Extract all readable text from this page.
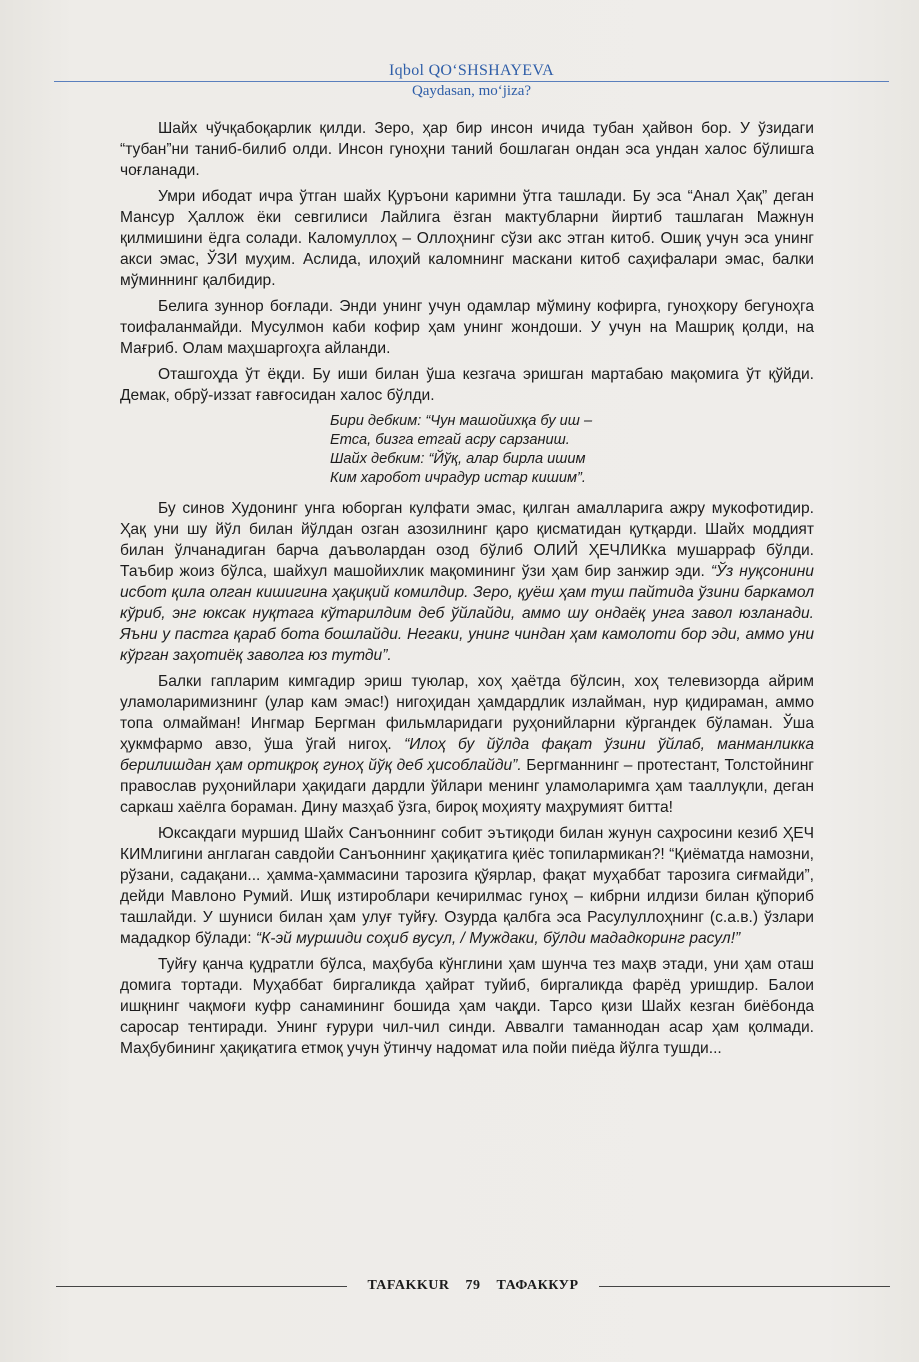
Iqbol QO‘SHSHAYEVA
Qaydasan, mo‘jiza?

Шайх чўчқабоқарлик қилди. Зеро, ҳар бир инсон ичида тубан ҳайвон бор. У ўзидаги “тубан”ни таниб-билиб олди. Инсон гуноҳни таний бошлаган ондан эса ундан халос бўлишга чоғланади.

Умри ибодат ичра ўтган шайх Қуръони каримни ўтга ташлади. Бу эса “Анал Ҳақ” деган Мансур Ҳаллож ёки севгилиси Лайлига ёзган мактубларни йиртиб ташлаган Мажнун қилмишини ёдга солади. Каломуллоҳ – Оллоҳнинг сўзи акс этган китоб. Ошиқ учун эса унинг акси эмас, ЎЗИ муҳим. Аслида, илоҳий каломнинг маскани китоб саҳифалари эмас, балки мўминнинг қалбидир.

Белига зуннор боғлади. Энди унинг учун одамлар мўмину кофирга, гуноҳкору бегуноҳга тоифаланмайди. Мусулмон каби кофир ҳам унинг жондоши. У учун на Машриқ қолди, на Мағриб. Олам маҳшаргоҳга айланди.

Оташгоҳда ўт ёқди. Бу иши билан ўша кезгача эришган мартабаю мақомига ўт қўйди. Демак, обрў-иззат ғавғосидан халос бўлди.

Бири дебким: “Чун машойихқа бу иш –
Етса, бизга етгай асру сарзаниш.
Шайх дебким: “Йўқ, алар бирла ишим
Ким харобот ичрадур истар кишим”.

Бу синов Худонинг унга юборган кулфати эмас, қилган амалларига ажру мукофотидир. Ҳақ уни шу йўл билан йўлдан озган азозилнинг қаро қисматидан қутқарди. Шайх моддият билан ўлчанадиган барча даъволардан озод бўлиб ОЛИЙ ҲЕЧЛИКка мушарраф бўлди. Таъбир жоиз бўлса, шайхул машойихлик мақомининг ўзи ҳам бир занжир эди. “Ўз нуқсонини исбот қила олган кишигина ҳақиқий комилдир. Зеро, қуёш ҳам туш пайтида ўзини баркамол кўриб, энг юксак нуқтага кўтарилдим деб ўйлайди, аммо шу ондаёқ унга завол юзланади. Яъни у пастга қараб бота бошлайди. Негаки, унинг чиндан ҳам камолоти бор эди, аммо уни кўрган заҳотиёқ заволга юз тутди”.

Балки гапларим кимгадир эриш туюлар, хоҳ ҳаётда бўлсин, хоҳ телевизорда айрим уламоларимизнинг (улар кам эмас!) нигоҳидан ҳамдардлик излайман, нур қидираман, аммо топа олмайман! Ингмар Бергман фильмларидаги руҳонийларни кўргандек бўламан. Ўша ҳукмфармо авзо, ўша ўгай нигоҳ. “Илоҳ бу йўлда фақат ўзини ўйлаб, манманликка берилишдан ҳам ортиқроқ гуноҳ йўқ деб ҳисоблайди”. Бергманнинг – протестант, Толстойнинг православ руҳонийлари ҳақидаги дардли ўйлари менинг уламоларимга ҳам тааллуқли, деган саркаш хаёлга бораман. Дину мазҳаб ўзга, бироқ моҳияту маҳрумият битта!

Юксакдаги муршид Шайх Санъоннинг собит эътиқоди билан жунун саҳросини кезиб ҲЕЧ КИМлигини англаган савдойи Санъоннинг ҳақиқатига қиёс топилармикан?! “Қиёматда намозни, рўзани, садақани... ҳамма-ҳаммасини тарозига қўярлар, фақат муҳаббат тарозига сиғмайди”, дейди Мавлоно Румий. Ишқ изтироблари кечирилмас гуноҳ – кибрни илдизи билан қўпориб ташлайди. У шуниси билан ҳам улуғ туйғу. Озурда қалбга эса Расулуллоҳнинг (с.а.в.) ўзлари мададкор бўлади: “К-эй муршиди соҳиб вусул, / Муждаки, бўлди мададкоринг расул!”

Туйғу қанча қудратли бўлса, маҳбуба кўнглини ҳам шунча тез маҳв этади, уни ҳам оташ домига тортади. Муҳаббат биргаликда ҳайрат туйиб, биргаликда фарёд уришдир. Балои ишқнинг чақмоғи куфр санамининг бошида ҳам чақди. Тарсо қизи Шайх кезган биёбонда саросар тентиради. Унинг ғурури чил-чил синди. Аввалги таманнодан асар ҳам қолмади. Маҳбубининг ҳақиқатига етмоқ учун ўтинчу надомат ила пойи пиёда йўлга тушди...

TAFAKKUR 79 ТАФАККУР
